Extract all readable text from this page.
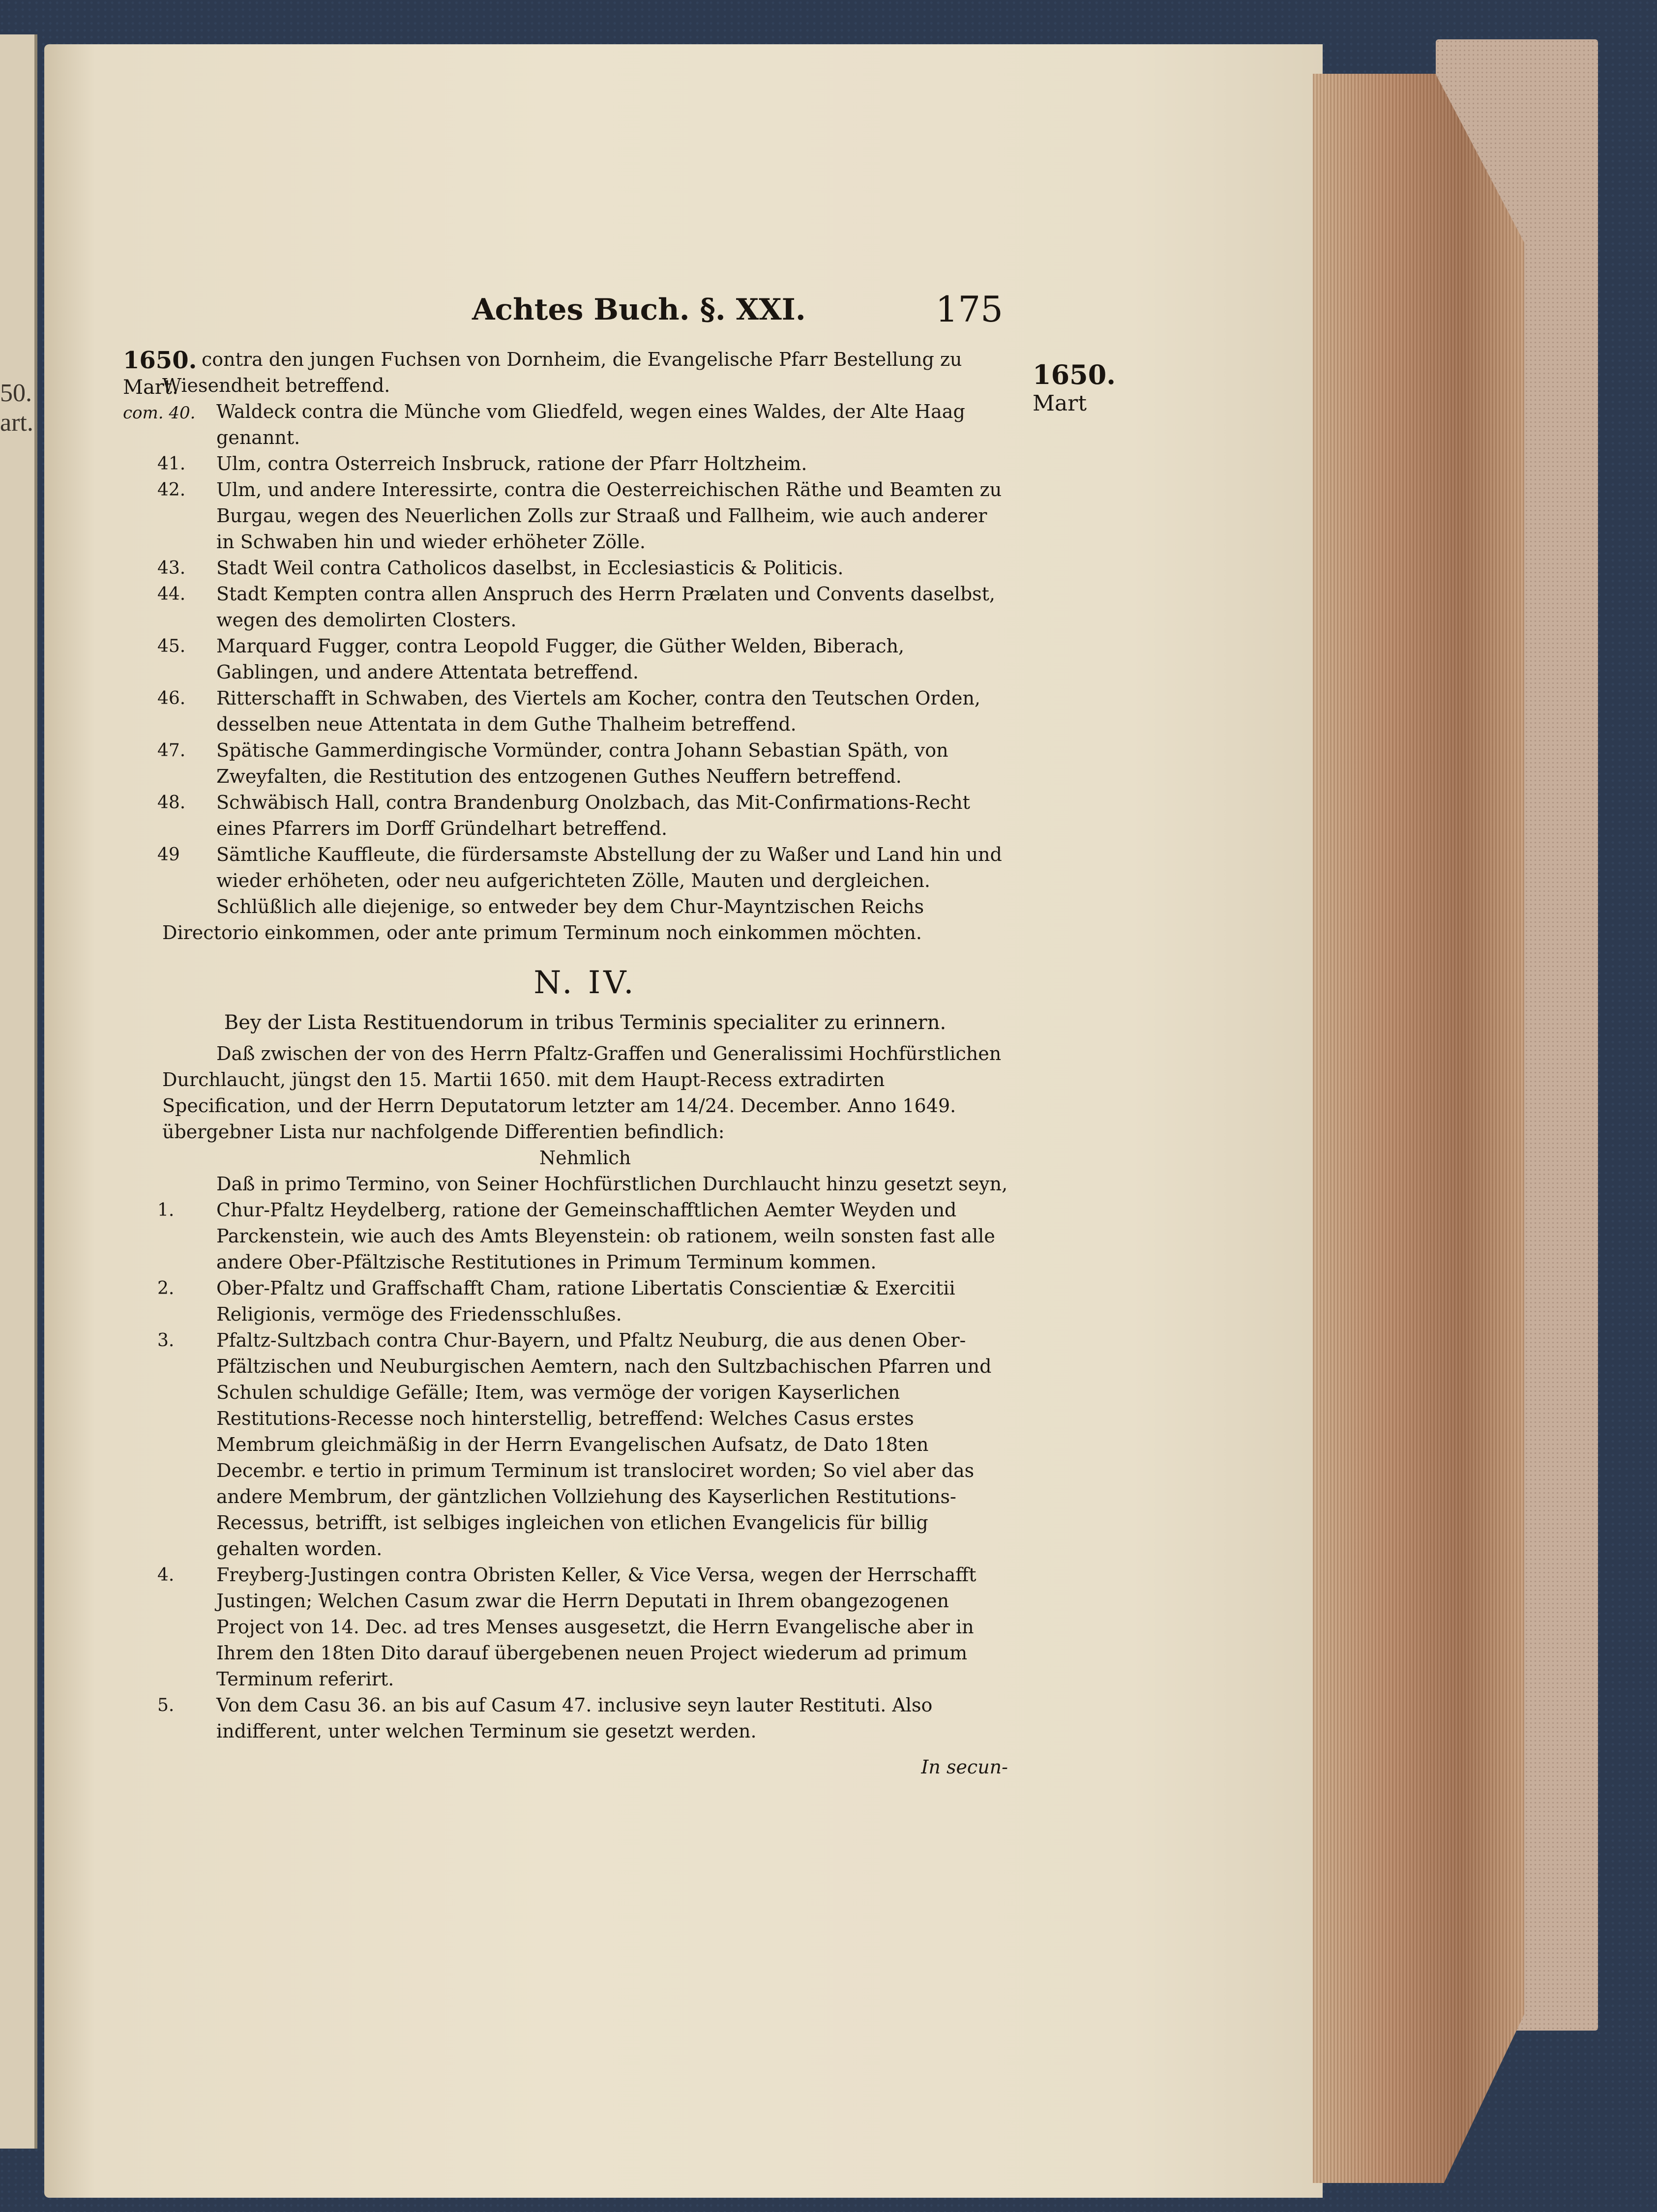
50.
art.
Achtes Buch. §. XXI.	175
1650.
Mart.
com. 40.
1650.
Mart

contra den jungen Fuchsen von Dornheim, die Evangelische Pfarr Bestellung zu Wiesendheit betreffend.

Waldeck contra die Münche vom Gliedfeld, wegen eines Waldes, der Alte Haag genannt.

41.	Ulm, contra Osterreich Insbruck, ratione der Pfarr Holtzheim.

42.	Ulm, und andere Interessirte, contra die Oesterreichischen Räthe und Beamten zu Burgau, wegen des Neuerlichen Zolls zur Straaß und Fallheim, wie auch anderer in Schwaben hin und wieder erhöheter Zölle.

43.	Stadt Weil contra Catholicos daselbst, in Ecclesiasticis & Politicis.

44.	Stadt Kempten contra allen Anspruch des Herrn Prælaten und Convents daselbst, wegen des demolirten Closters.

45.	Marquard Fugger, contra Leopold Fugger, die Güther Welden, Biberach, Gablingen, und andere Attentata betreffend.

46.	Ritterschafft in Schwaben, des Viertels am Kocher, contra den Teutschen Orden, desselben neue Attentata in dem Guthe Thalheim betreffend.

47.	Spätische Gammerdingische Vormünder, contra Johann Sebastian Späth, von Zweyfalten, die Restitution des entzogenen Guthes Neuffern betreffend.

48.	Schwäbisch Hall, contra Brandenburg Onolzbach, das Mit-Confirmations-Recht eines Pfarrers im Dorff Gründelhart betreffend.

49	Sämtliche Kauffleute, die fürdersamste Abstellung der zu Waßer und Land hin und wieder erhöheten, oder neu aufgerichteten Zölle, Mauten und dergleichen.

Schlüßlich alle diejenige, so entweder bey dem Chur-Mayntzischen Reichs Directorio einkommen, oder ante primum Terminum noch einkommen möchten.

N. IV.

Bey der Lista Restituendorum in tribus Terminis specialiter zu erinnern.

Daß zwischen der von des Herrn Pfaltz-Graffen und Generalissimi Hochfürstlichen Durchlaucht, jüngst den 15. Martii 1650. mit dem Haupt-Recess extradirten Specification, und der Herrn Deputatorum letzter am 14/24. December. Anno 1649. übergebner Lista nur nachfolgende Differentien befindlich:

Nehmlich

Daß in primo Termino, von Seiner Hochfürstlichen Durchlaucht hinzu gesetzt seyn,

1.	Chur-Pfaltz Heydelberg, ratione der Gemeinschafftlichen Aemter Weyden und Parckenstein, wie auch des Amts Bleyenstein: ob rationem, weiln sonsten fast alle andere Ober-Pfältzische Restitutiones in Primum Terminum kommen.

2.	Ober-Pfaltz und Graffschafft Cham, ratione Libertatis Conscientiæ & Exercitii Religionis, vermöge des Friedensschlußes.

3.	Pfaltz-Sultzbach contra Chur-Bayern, und Pfaltz Neuburg, die aus denen Ober-Pfältzischen und Neuburgischen Aemtern, nach den Sultzbachischen Pfarren und Schulen schuldige Gefälle; Item, was vermöge der vorigen Kayserlichen Restitutions-Recesse noch hinterstellig, betreffend: Welches Casus erstes Membrum gleichmäßig in der Herrn Evangelischen Aufsatz, de Dato 18ten Decembr. e tertio in primum Terminum ist translociret worden; So viel aber das andere Membrum, der gäntzlichen Vollziehung des Kayserlichen Restitutions-Recessus, betrifft, ist selbiges ingleichen von etlichen Evangelicis für billig gehalten worden.

4.	Freyberg-Justingen contra Obristen Keller, & Vice Versa, wegen der Herrschafft Justingen; Welchen Casum zwar die Herrn Deputati in Ihrem obangezogenen Project von 14. Dec. ad tres Menses ausgesetzt, die Herrn Evangelische aber in Ihrem den 18ten Dito darauf übergebenen neuen Project wiederum ad primum Terminum referirt.

5.	Von dem Casu 36. an bis auf Casum 47. inclusive seyn lauter Restituti. Also indifferent, unter welchen Terminum sie gesetzt werden.

In secun-
